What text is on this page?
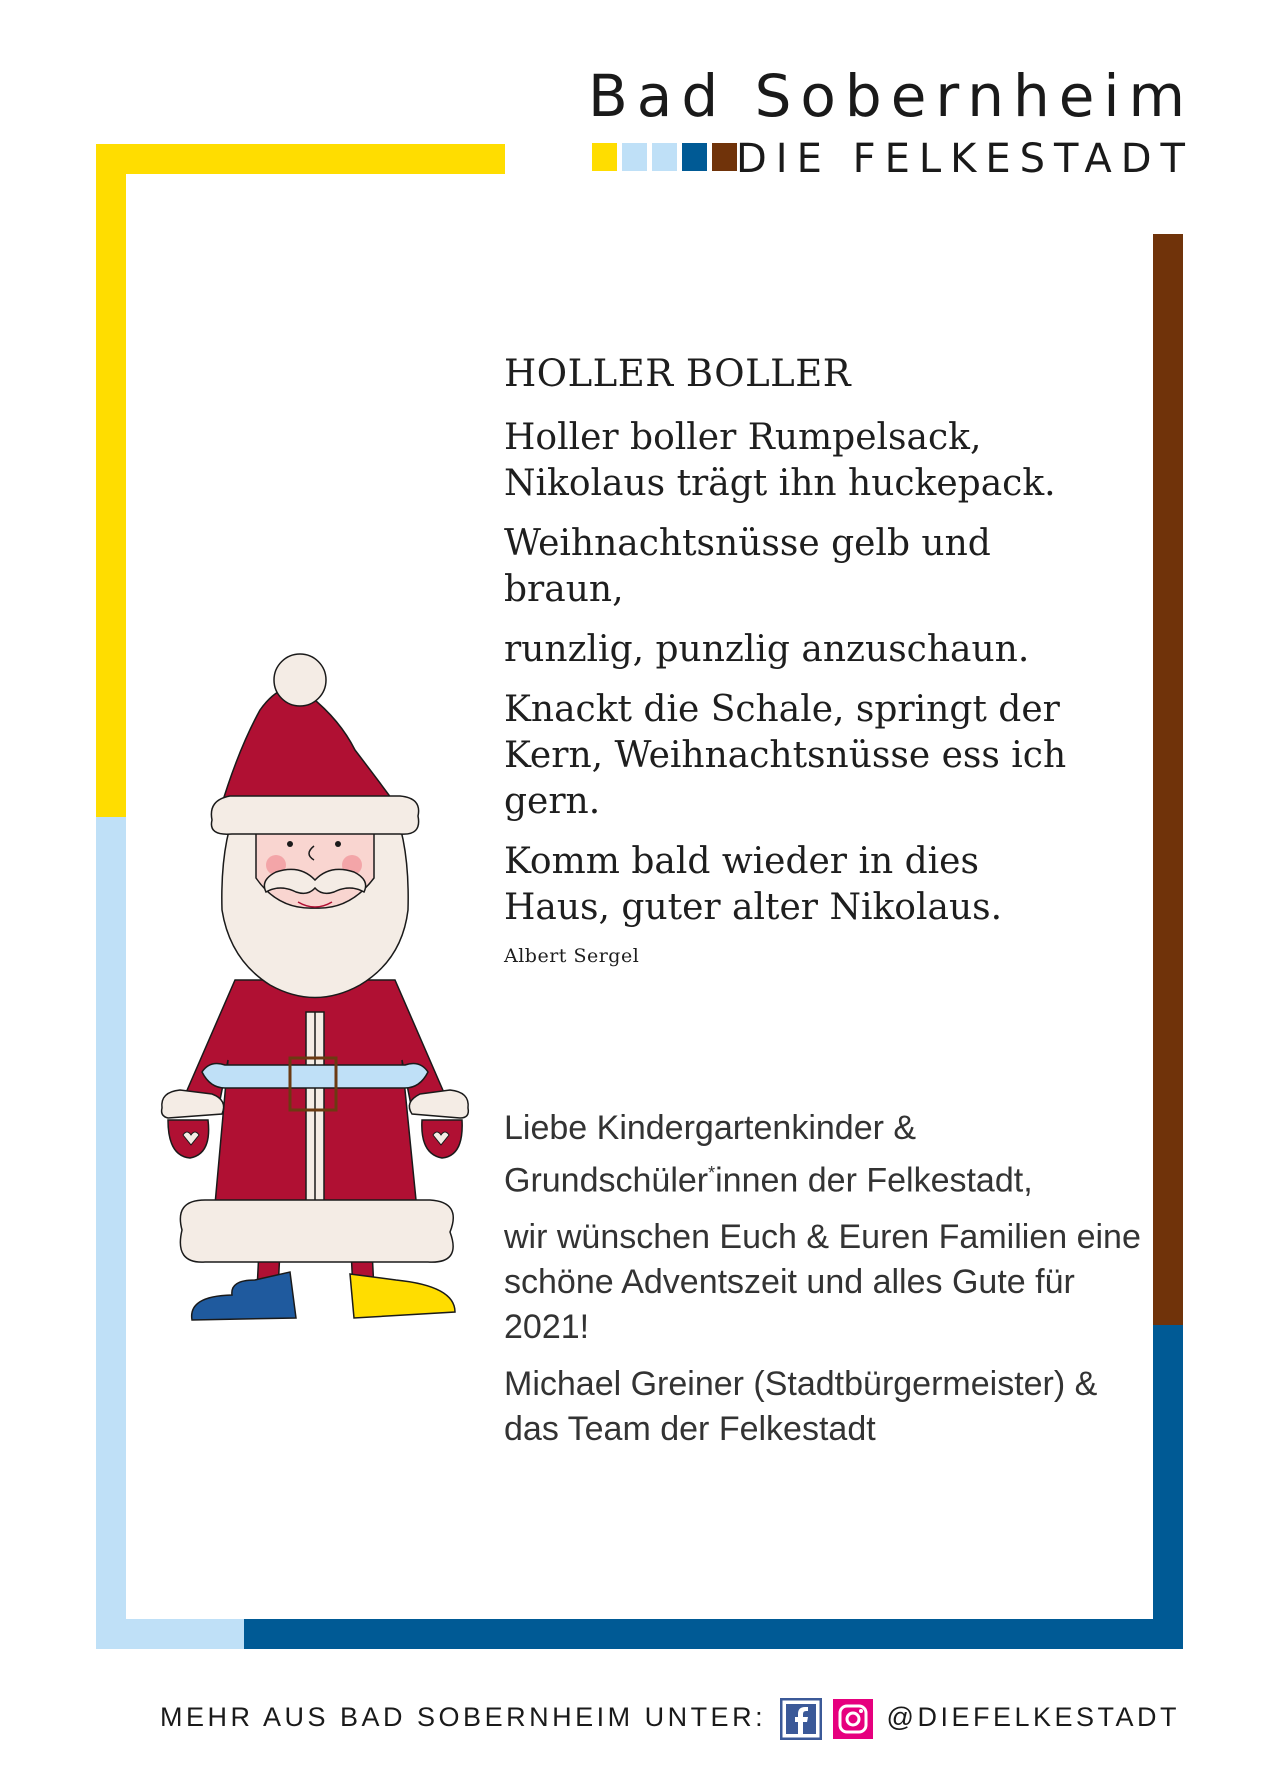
Bad Sobernheim
DIE FELKESTADT
HOLLER BOLLER

Holler boller Rumpelsack, Nikolaus trägt ihn huckepack.

Weihnachtsnüsse gelb und braun,

runzlig, punzlig anzuschaun.

Knackt die Schale, springt der Kern, Weihnachtsnüsse ess ich gern.

Komm bald wieder in dies Haus, guter alter Nikolaus.

Albert Sergel

Liebe Kindergartenkinder &
Grundschüler*innen der Felkestadt,

wir wünschen Euch & Euren Familien eine schöne Adventszeit und alles Gute für 2021!

Michael Greiner (Stadtbürgermeister) & das Team der Felkestadt

MEHR AUS BAD SOBERNHEIM UNTER:	@DIEFELKESTADT
